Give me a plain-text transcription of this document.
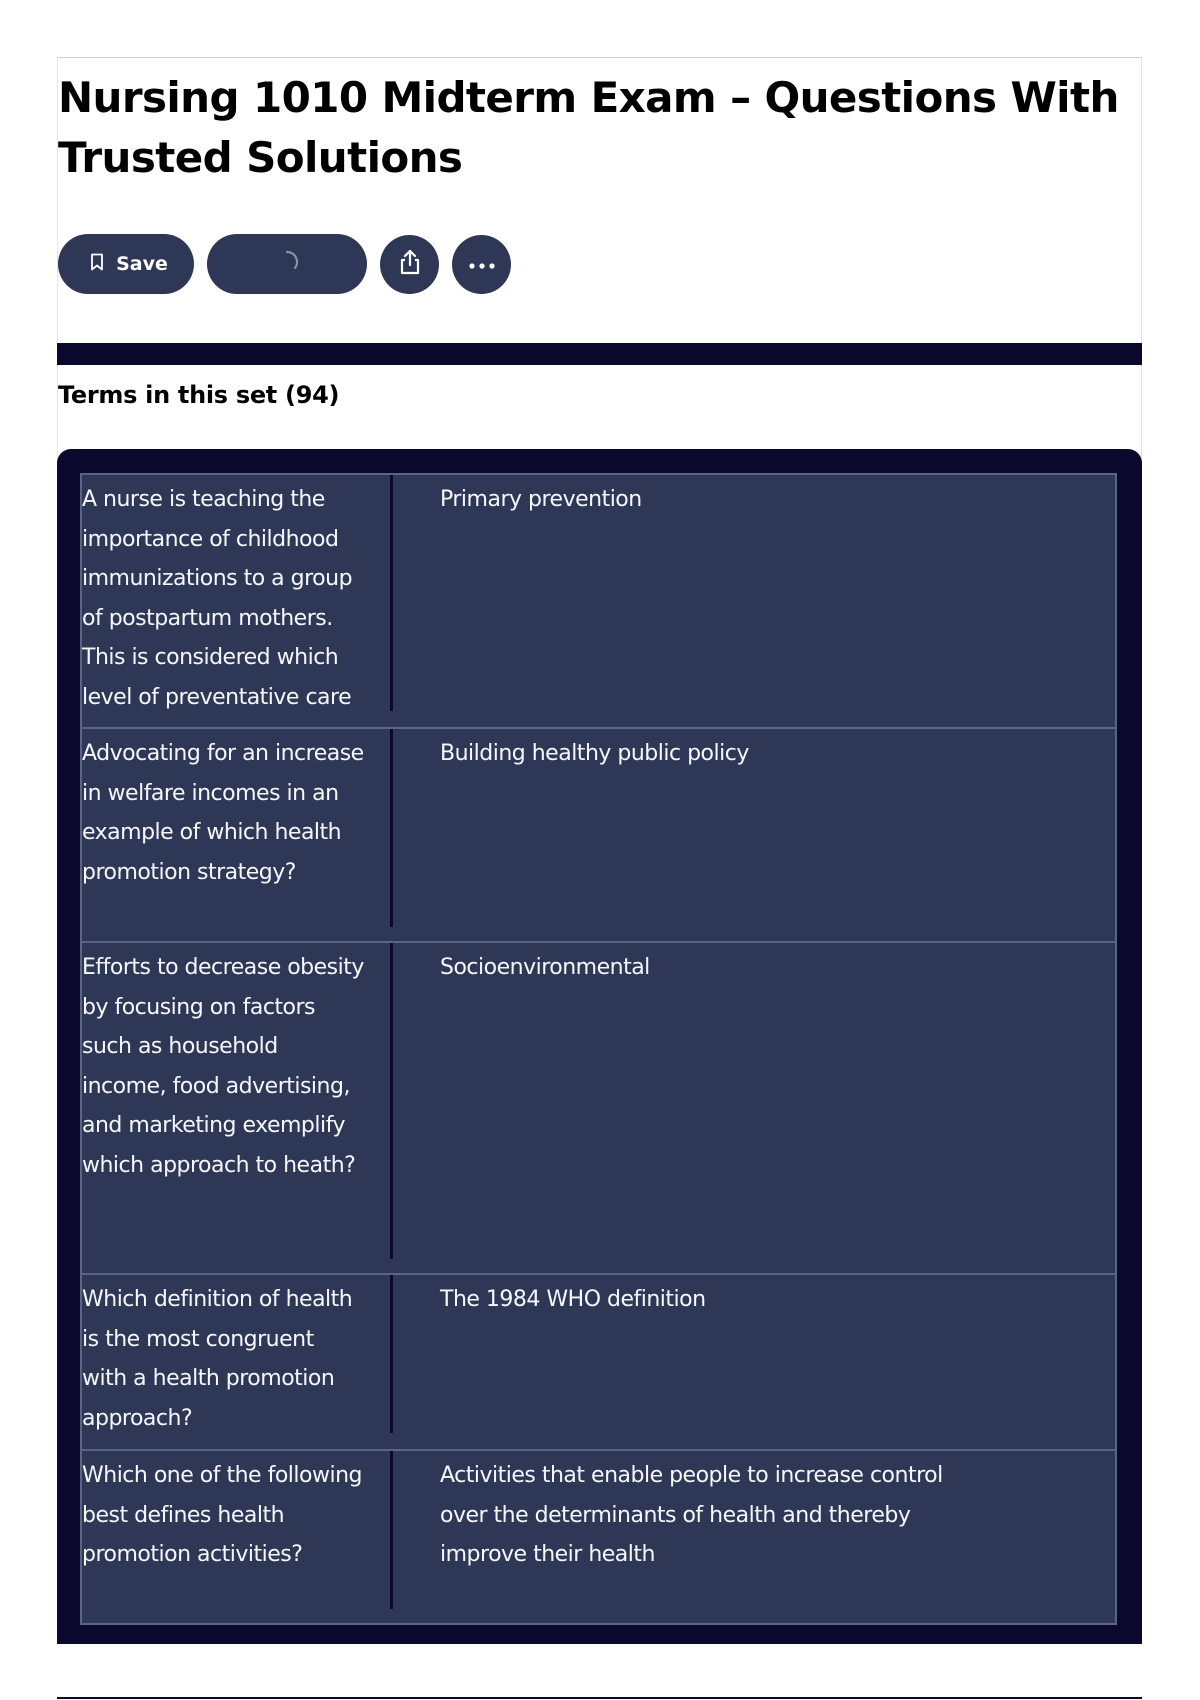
Nursing 1010 Midterm Exam – Questions With Trusted Solutions
Save
Terms in this set (94)

A nurse is teaching the importance of childhood immunizations to a group of postpartum mothers. This is considered which level of preventative care

Primary prevention

Advocating for an increase in welfare incomes in an example of which health promotion strategy?

Building healthy public policy

Efforts to decrease obesity by focusing on factors such as household income, food advertising, and marketing exemplify which approach to heath?

Socioenvironmental

Which definition of health is the most congruent with a health promotion approach?

The 1984 WHO definition

Which one of the following best defines health promotion activities?

Activities that enable people to increase control over the determinants of health and thereby improve their health
